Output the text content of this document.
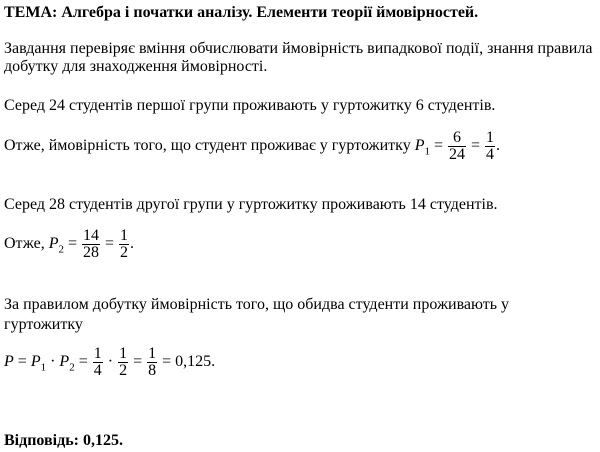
ТЕМА: Алгебра і початки аналізу. Елементи теорії ймовірностей.
Завдання перевіряє вміння обчислювати ймовірність випадкової події, знання правила добутку для знаходження ймовірності.
Серед 24 студентів першої групи проживають у гуртожитку 6 студентів.
Отже, ймовірність того, що студент проживає у гуртожитку $P_1 = \frac{6}{24} = \frac{1}{4}$ .
Серед 28 студентів другої групи у гуртожитку проживають 14 студентів.
Отже, $P_2 = \frac{14}{28} = \frac{1}{2}$ .
За правилом добутку ймовірність того, що обидва студенти проживають у
гуртожитку
$P = P_1 \cdot P_2 = \frac{1}{4} \cdot \frac{1}{2} = \frac{1}{8} = 0,125$.
Відповідь: 0,125.
